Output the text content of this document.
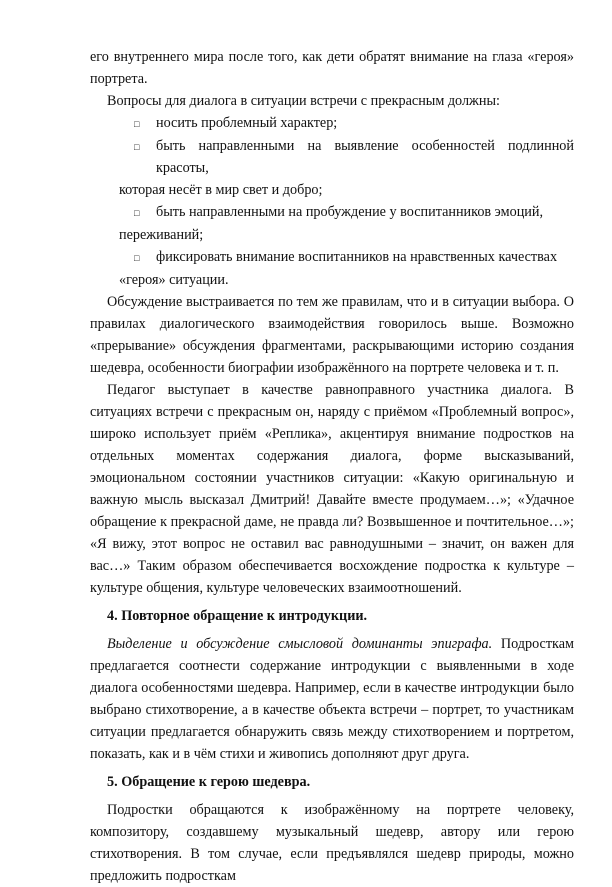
его внутреннего мира после того, как дети обратят внимание на глаза «героя» портрета.

Вопросы для диалога в ситуации встречи с прекрасным должны:

□	носить проблемный характер;
□	быть направленными на выявление особенностей подлинной красоты,

которая несёт в мир свет и добро;

□	быть направленными на пробуждение у воспитанников эмоций,

переживаний;

□	фиксировать внимание воспитанников на нравственных качествах

«героя» ситуации.

Обсуждение выстраивается по тем же правилам, что и в ситуации выбора. О правилах диалогического взаимодействия говорилось выше. Возможно «прерывание» обсуждения фрагментами, раскрывающими историю создания шедевра, особенности биографии изображённого на портрете человека и т. п.

Педагог выступает в качестве равноправного участника диалога. В ситуациях встречи с прекрасным он, наряду с приёмом «Проблемный вопрос», широко использует приём «Реплика», акцентируя внимание подростков на отдельных моментах содержания диалога, форме высказываний, эмоциональном состоянии участников ситуации: «Какую оригинальную и важную мысль высказал Дмитрий! Давайте вместе продумаем…»; «Удачное обращение к прекрасной даме, не правда ли? Возвышенное и почтительное…»; «Я вижу, этот вопрос не оставил вас равнодушными – значит, он важен для вас…» Таким образом обеспечивается восхождение подростка к культуре – культуре общения, культуре человеческих взаимоотношений.

4. Повторное обращение к интродукции.

Выделение и обсуждение смысловой доминанты эпиграфа. Подросткам предлагается соотнести содержание интродукции с выявленными в ходе диалога особенностями шедевра. Например, если в качестве интродукции было выбрано стихотворение, а в качестве объекта встречи – портрет, то участникам ситуации предлагается обнаружить связь между стихотворением и портретом, показать, как и в чём стихи и живопись дополняют друг друга.

5. Обращение к герою шедевра.

Подростки обращаются к изображённому на портрете человеку, композитору, создавшему музыкальный шедевр, автору или герою стихотворения. В том случае, если предъявлялся шедевр природы, можно предложить подросткам
